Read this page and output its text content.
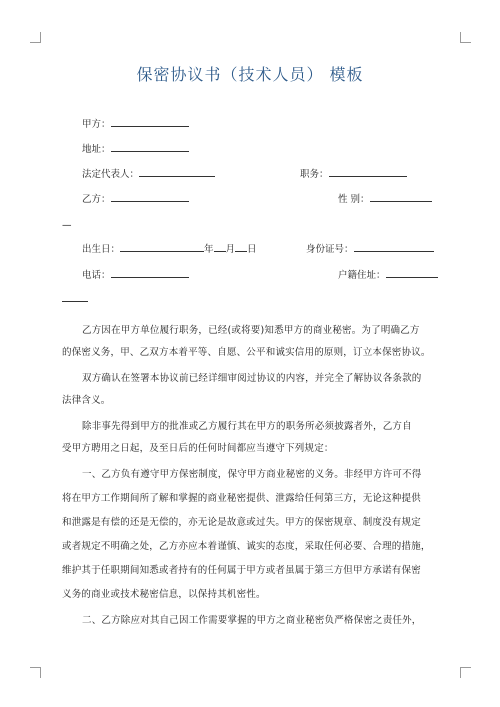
保密协议书（技术人员） 模板
甲方：
地址：
法定代表人：	职务：
乙方：	性 别：
—
出生日：	年 月 日	身份证号：
电话：	户籍住址：
乙方因在甲方单位履行职务，已经(或将要)知悉甲方的商业秘密。为了明确乙方
的保密义务，甲、乙双方本着平等、自愿、公平和诚实信用的原则，订立本保密协议。
双方确认在签署本协议前已经详细审阅过协议的内容，并完全了解协议各条款的
法律含义。
除非事先得到甲方的批准或乙方履行其在甲方的职务所必须披露者外，乙方自
受甲方聘用之日起，及至日后的任何时间都应当遵守下列规定：
一、乙方负有遵守甲方保密制度，保守甲方商业秘密的义务。非经甲方许可不得
将在甲方工作期间所了解和掌握的商业秘密提供、泄露给任何第三方，无论这种提供
和泄露是有偿的还是无偿的，亦无论是故意或过失。甲方的保密规章、制度没有规定
或者规定不明确之处，乙方亦应本着谨慎、诚实的态度，采取任何必要、合理的措施，
维护其于任职期间知悉或者持有的任何属于甲方或者虽属于第三方但甲方承诺有保密
义务的商业或技术秘密信息，以保持其机密性。
二、乙方除应对其自己因工作需要掌握的甲方之商业秘密负严格保密之责任外，
